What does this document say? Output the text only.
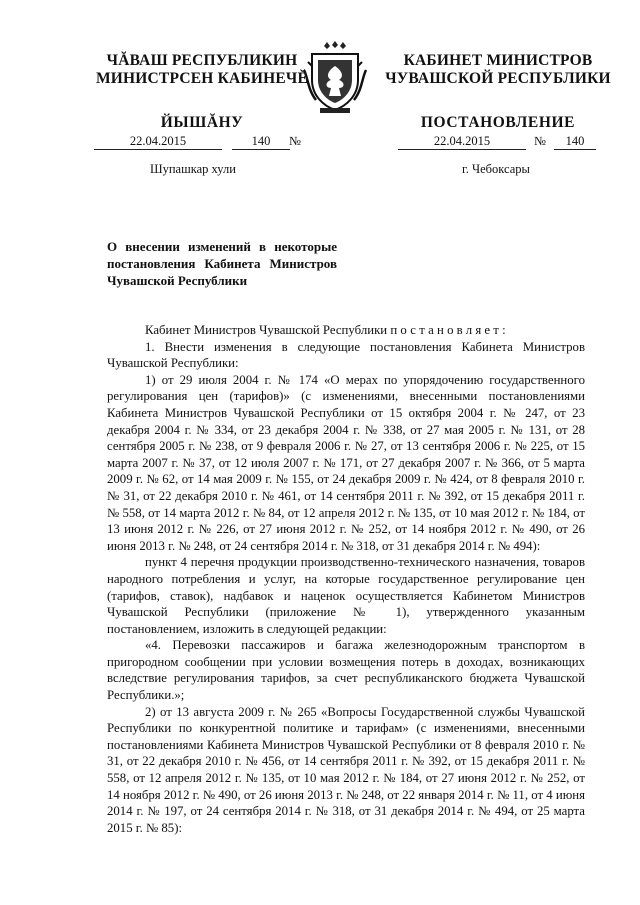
ЧĂВАШ РЕСПУБЛИКИН
МИНИСТРСЕН КАБИНЕЧĔ
ЙЫШĂНУ
КАБИНЕТ МИНИСТРОВ
ЧУВАШСКОЙ РЕСПУБЛИКИ
ПОСТАНОВЛЕНИЕ
22.04.2015	140	№	22.04.2015	№	140
Шупашкар хули	г. Чебоксары
О внесении изменений в некоторые постановления Кабинета Министров Чувашской Республики

Кабинет Министров Чувашской Республики постановляет:

1. Внести изменения в следующие постановления Кабинета Министров Чувашской Республики:

1) от 29 июля 2004 г. № 174 «О мерах по упорядочению государственного регулирования цен (тарифов)» (с изменениями, внесенными постановлениями Кабинета Министров Чувашской Республики от 15 октября 2004 г. № 247, от 23 декабря 2004 г. № 334, от 23 декабря 2004 г. № 338, от 27 мая 2005 г. № 131, от 28 сентября 2005 г. № 238, от 9 февраля 2006 г. № 27, от 13 сентября 2006 г. № 225, от 15 марта 2007 г. № 37, от 12 июля 2007 г. № 171, от 27 декабря 2007 г. № 366, от 5 марта 2009 г. № 62, от 14 мая 2009 г. № 155, от 24 декабря 2009 г. № 424, от 8 февраля 2010 г. № 31, от 22 декабря 2010 г. № 461, от 14 сентября 2011 г. № 392, от 15 декабря 2011 г. № 558, от 14 марта 2012 г. № 84, от 12 апреля 2012 г. № 135, от 10 мая 2012 г. № 184, от 13 июня 2012 г. № 226, от 27 июня 2012 г. № 252, от 14 ноября 2012 г. № 490, от 26 июня 2013 г. № 248, от 24 сентября 2014 г. № 318, от 31 декабря 2014 г. № 494):

пункт 4 перечня продукции производственно-технического назначения, товаров народного потребления и услуг, на которые государственное регулирование цен (тарифов, ставок), надбавок и наценок осуществляется Кабинетом Министров Чувашской Республики (приложение № 1), утвержденного указанным постановлением, изложить в следующей редакции:

«4. Перевозки пассажиров и багажа железнодорожным транспортом в пригородном сообщении при условии возмещения потерь в доходах, возникающих вследствие регулирования тарифов, за счет республиканского бюджета Чувашской Республики.»;

2) от 13 августа 2009 г. № 265 «Вопросы Государственной службы Чувашской Республики по конкурентной политике и тарифам» (с изменениями, внесенными постановлениями Кабинета Министров Чувашской Республики от 8 февраля 2010 г. № 31, от 22 декабря 2010 г. № 456, от 14 сентября 2011 г. № 392, от 15 декабря 2011 г. № 558, от 12 апреля 2012 г. № 135, от 10 мая 2012 г. № 184, от 27 июня 2012 г. № 252, от 14 ноября 2012 г. № 490, от 26 июня 2013 г. № 248, от 22 января 2014 г. № 11, от 4 июня 2014 г. № 197, от 24 сентября 2014 г. № 318, от 31 декабря 2014 г. № 494, от 25 марта 2015 г. № 85):
